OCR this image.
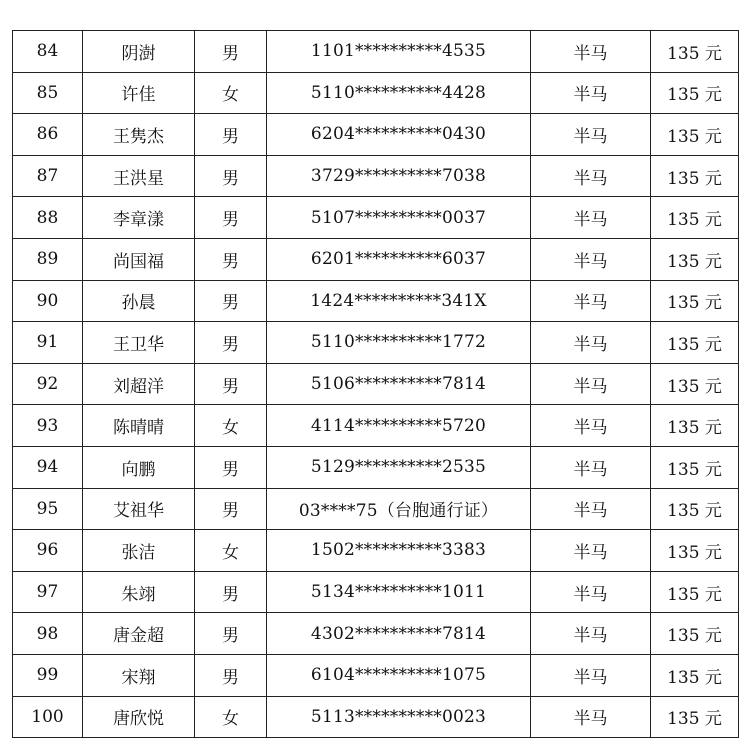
84	阴澍	男	1101**********4535	半马	135 元
85	许佳	女	5110**********4428	半马	135 元
86	王隽杰	男	6204**********0430	半马	135 元
87	王洪星	男	3729**********7038	半马	135 元
88	李章漾	男	5107**********0037	半马	135 元
89	尚国福	男	6201**********6037	半马	135 元
90	孙晨	男	1424**********341X	半马	135 元
91	王卫华	男	5110**********1772	半马	135 元
92	刘超洋	男	5106**********7814	半马	135 元
93	陈晴晴	女	4114**********5720	半马	135 元
94	向鹏	男	5129**********2535	半马	135 元
95	艾祖华	男	03****75（台胞通行证）	半马	135 元
96	张洁	女	1502**********3383	半马	135 元
97	朱翊	男	5134**********1011	半马	135 元
98	唐金超	男	4302**********7814	半马	135 元
99	宋翔	男	6104**********1075	半马	135 元
100	唐欣悦	女	5113**********0023	半马	135 元
